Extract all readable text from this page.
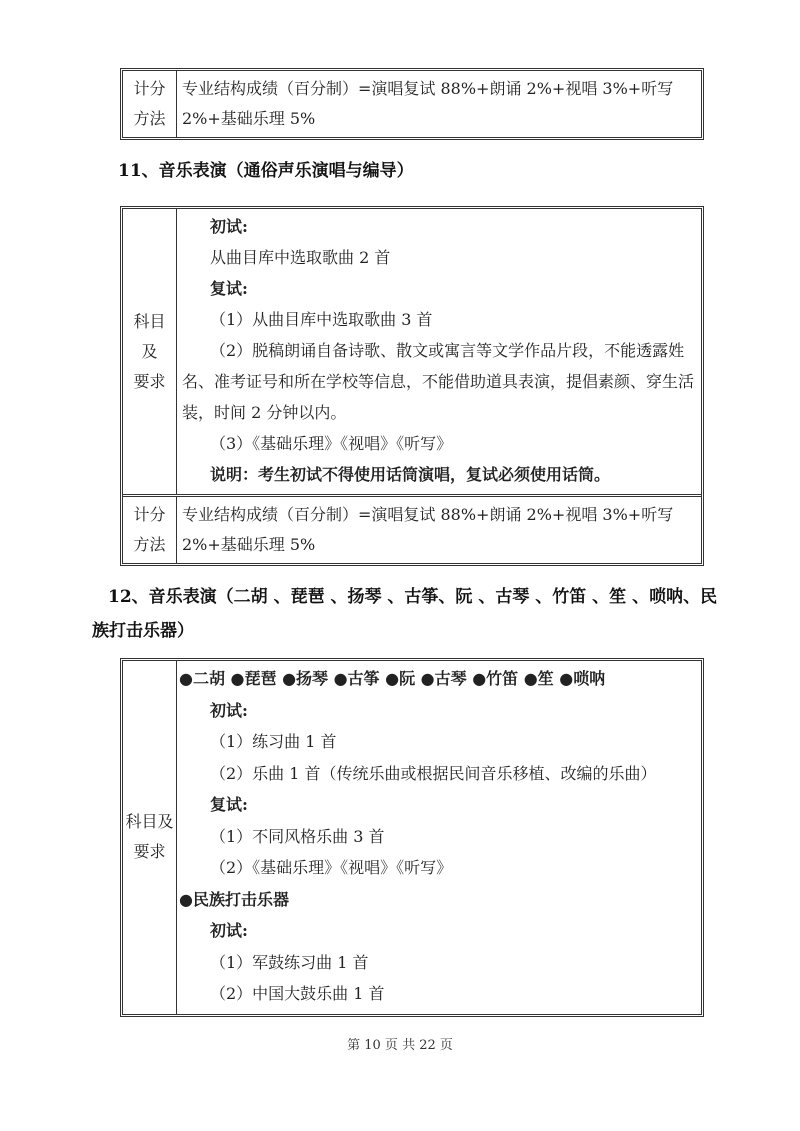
计分
方法
专业结构成绩（百分制）=演唱复试 88%+朗诵 2%+视唱 3%+听写 2%+基础乐理 5%
11、音乐表演（通俗声乐演唱与编导）
科目
及
要求
初试:
从曲目库中选取歌曲 2 首
复试:
（1）从曲目库中选取歌曲 3 首
（2）脱稿朗诵自备诗歌、散文或寓言等文学作品片段，不能透露姓名、准考证号和所在学校等信息，不能借助道具表演，提倡素颜、穿生活装，时间 2 分钟以内。
（3）《基础乐理》《视唱》《听写》
说明：考生初试不得使用话筒演唱，复试必须使用话筒。
计分
方法
专业结构成绩（百分制）=演唱复试 88%+朗诵 2%+视唱 3%+听写 2%+基础乐理 5%
12、音乐表演（二胡 、琵琶 、扬琴 、古筝、阮 、古琴 、竹笛 、笙 、唢呐、民族打击乐器）
科目及
要求
●二胡 ●琵琶 ●扬琴 ●古筝 ●阮 ●古琴 ●竹笛 ●笙 ●唢呐
初试:
（1）练习曲 1 首
（2）乐曲 1 首（传统乐曲或根据民间音乐移植、改编的乐曲）
复试:
（1）不同风格乐曲 3 首
（2）《基础乐理》《视唱》《听写》
●民族打击乐器
初试:
（1）军鼓练习曲 1 首
（2）中国大鼓乐曲 1 首
第 10 页 共 22 页
